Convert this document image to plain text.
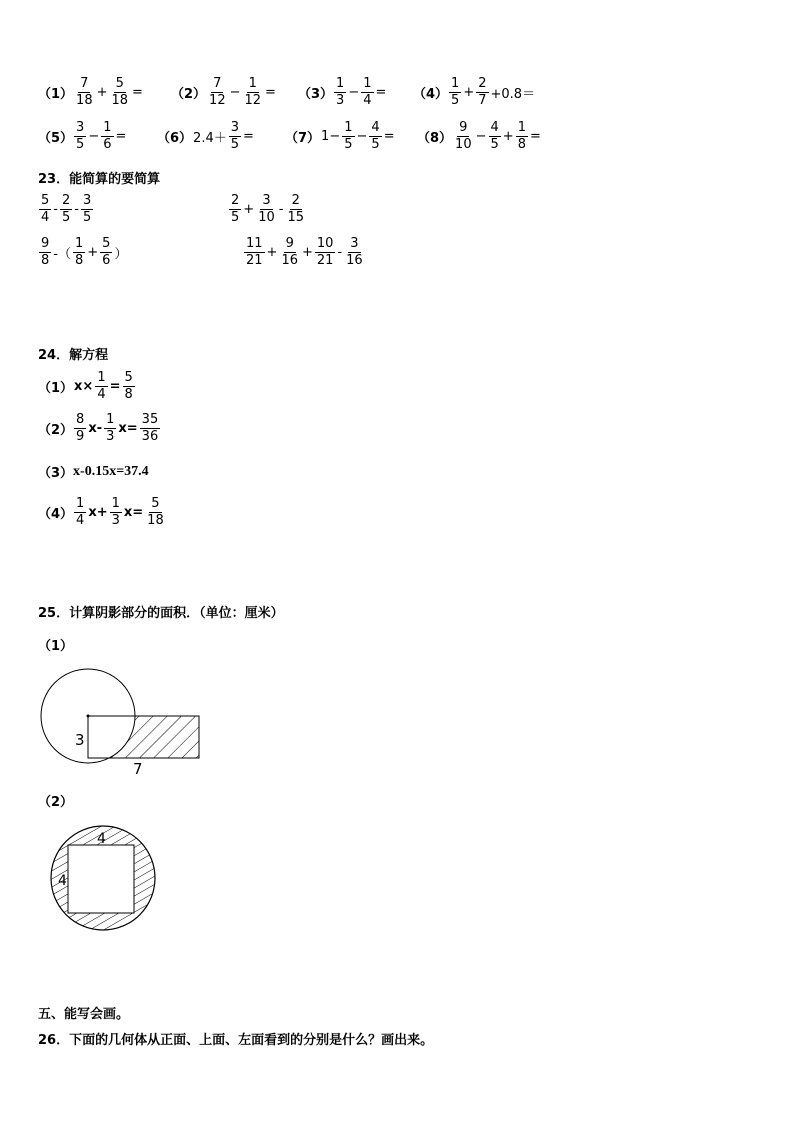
$(1) \frac{7}{18} + \frac{5}{18} = (2) \frac{7}{12} - \frac{1}{12} = (3) \frac{1}{3} - \frac{1}{4} = (4) \frac{1}{5} + \frac{2}{7} +0.8=$
$(5) \frac{3}{5} - \frac{1}{6} = (6)$ $2.4+ \frac{3}{5} = (7)$ $1- \frac{1}{5} - \frac{4}{5} = (8) \frac{9}{10} - \frac{4}{5} + \frac{1}{8}$ =
23．能简算的要简算
$\frac{5}{4} - \frac{2}{5} - \frac{3}{5}$	$\frac{2}{5} + \frac{3}{10} - \frac{2}{15}$
$\frac{9}{8}$ -（ $\frac{1}{8} + \frac{5}{6}$ ）	$\frac{11}{21} + \frac{9}{16} + \frac{10}{21} - \frac{3}{16}$
24．解方程
（1） $x\times \frac{1}{4} = \frac{5}{8}$
$(2) \frac{8}{9} x- \frac{1}{3} x= \frac{35}{36}$
（3） x-0.15x=37.4
$(4) \frac{1}{4} x+ \frac{1}{3} x= \frac{5}{18}$
25．计算阴影部分的面积．（单位：厘米）
（1）
3
7
（2）
4
4
五、能写会画。
26．下面的几何体从正面、上面、左面看到的分别是什么？画出来。
